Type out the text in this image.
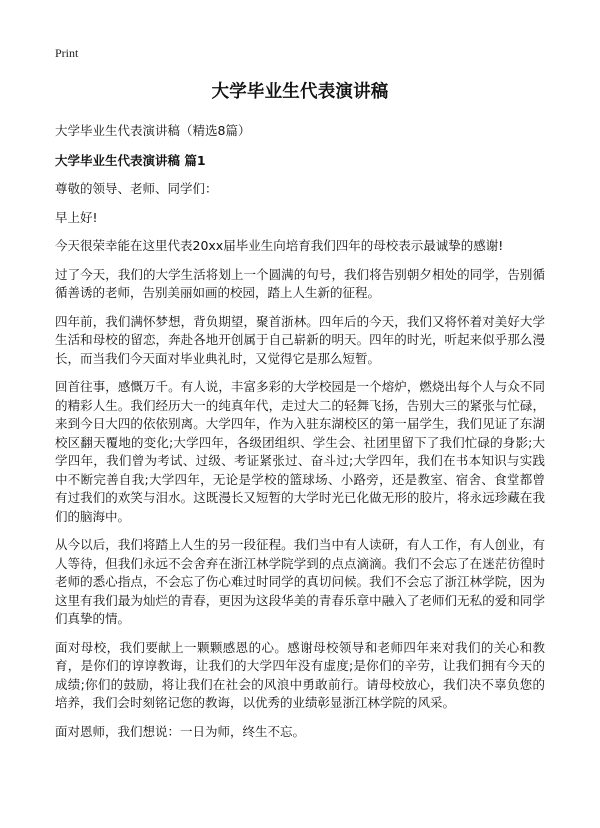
Print
大学毕业生代表演讲稿
大学毕业生代表演讲稿（精选8篇）
大学毕业生代表演讲稿 篇1

尊敬的领导、老师、同学们：

早上好!

今天很荣幸能在这里代表20xx届毕业生向培育我们四年的母校表示最诚挚的感谢!

过了今天，我们的大学生活将划上一个圆满的句号，我们将告别朝夕相处的同学，告别循循善诱的老师，告别美丽如画的校园，踏上人生新的征程。

四年前，我们满怀梦想，背负期望，聚首浙林。四年后的今天，我们又将怀着对美好大学生活和母校的留恋，奔赴各地开创属于自己崭新的明天。四年的时光，听起来似乎那么漫长，而当我们今天面对毕业典礼时，又觉得它是那么短暂。

回首往事，感慨万千。有人说，丰富多彩的大学校园是一个熔炉，燃烧出每个人与众不同的精彩人生。我们经历大一的纯真年代，走过大二的轻舞飞扬，告别大三的紧张与忙碌，来到今日大四的依依别离。大学四年，作为入驻东湖校区的第一届学生，我们见证了东湖校区翻天覆地的变化;大学四年，各级团组织、学生会、社团里留下了我们忙碌的身影;大学四年，我们曾为考试、过级、考证紧张过、奋斗过;大学四年，我们在书本知识与实践中不断完善自我;大学四年，无论是学校的篮球场、小路旁，还是教室、宿舍、食堂都曾有过我们的欢笑与泪水。这既漫长又短暂的大学时光已化做无形的胶片，将永远珍藏在我们的脑海中。

从今以后，我们将踏上人生的另一段征程。我们当中有人读研，有人工作，有人创业，有人等待，但我们永远不会舍弃在浙江林学院学到的点点滴滴。我们不会忘了在迷茫彷徨时老师的悉心指点，不会忘了伤心难过时同学的真切问候。我们不会忘了浙江林学院，因为这里有我们最为灿烂的青春，更因为这段华美的青春乐章中融入了老师们无私的爱和同学们真挚的情。

面对母校，我们要献上一颗颗感恩的心。感谢母校领导和老师四年来对我们的关心和教育，是你们的谆谆教诲，让我们的大学四年没有虚度;是你们的辛劳，让我们拥有今天的成绩;你们的鼓励，将让我们在社会的风浪中勇敢前行。请母校放心，我们决不辜负您的培养，我们会时刻铭记您的教诲，以优秀的业绩彰显浙江林学院的风采。

面对恩师，我们想说：一日为师，终生不忘。
